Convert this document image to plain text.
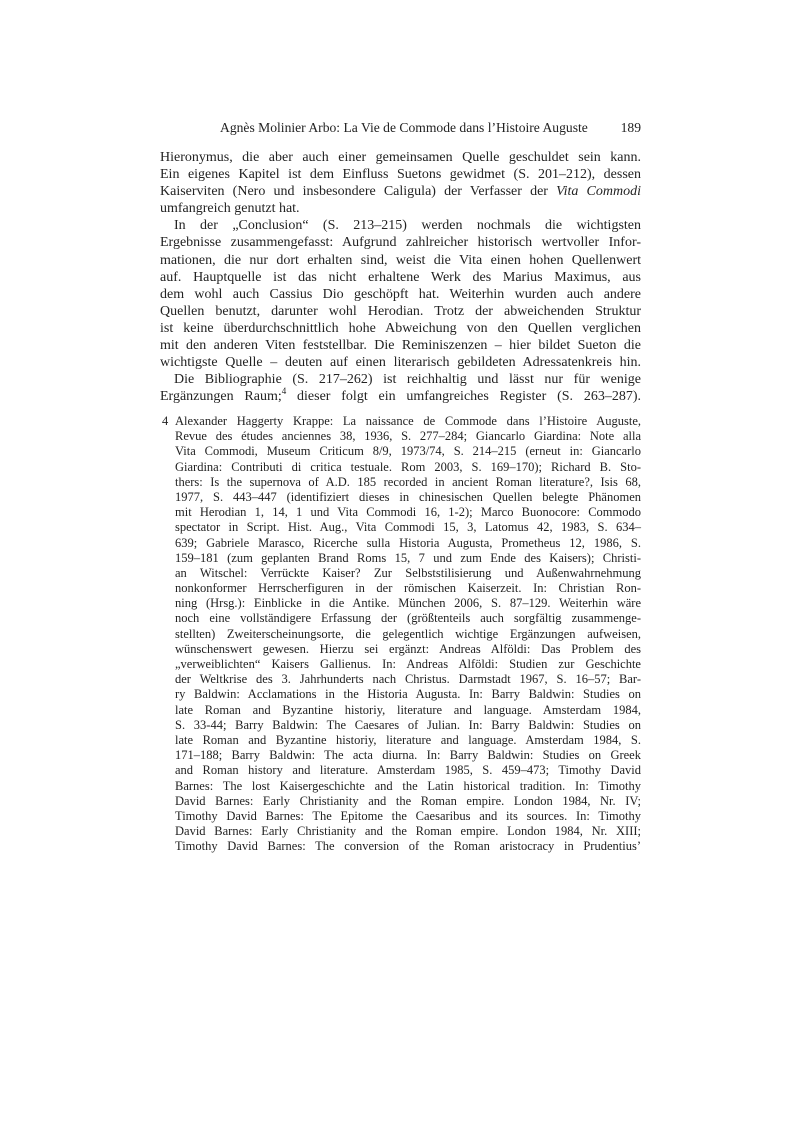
Agnès Molinier Arbo: La Vie de Commode dans l’Histoire Auguste 189
Hieronymus, die aber auch einer gemeinsamen Quelle geschuldet sein kann.
Ein eigenes Kapitel ist dem Einfluss Suetons gewidmet (S. 201–212), dessen
Kaiserviten (Nero und insbesondere Caligula) der Verfasser der Vita Commodi
umfangreich genutzt hat.
In der „Conclusion“ (S. 213–215) werden nochmals die wichtigsten
Ergebnisse zusammengefasst: Aufgrund zahlreicher historisch wertvoller Infor-
mationen, die nur dort erhalten sind, weist die Vita einen hohen Quellenwert
auf. Hauptquelle ist das nicht erhaltene Werk des Marius Maximus, aus
dem wohl auch Cassius Dio geschöpft hat. Weiterhin wurden auch andere
Quellen benutzt, darunter wohl Herodian. Trotz der abweichenden Struktur
ist keine überdurchschnittlich hohe Abweichung von den Quellen verglichen
mit den anderen Viten feststellbar. Die Reminiszenzen – hier bildet Sueton die
wichtigste Quelle – deuten auf einen literarisch gebildeten Adressatenkreis hin.
Die Bibliographie (S. 217–262) ist reichhaltig und lässt nur für wenige
Ergänzungen Raum;$^4$ dieser folgt ein umfangreiches Register (S. 263–287).
4 Alexander Haggerty Krappe: La naissance de Commode dans l’Histoire Auguste,
Revue des études anciennes 38, 1936, S. 277–284; Giancarlo Giardina: Note alla
Vita Commodi, Museum Criticum 8/9, 1973/74, S. 214–215 (erneut in: Giancarlo
Giardina: Contributi di critica testuale. Rom 2003, S. 169–170); Richard B. Sto-
thers: Is the supernova of A.D. 185 recorded in ancient Roman literature?, Isis 68,
1977, S. 443–447 (identifiziert dieses in chinesischen Quellen belegte Phänomen
mit Herodian 1, 14, 1 und Vita Commodi 16, 1-2); Marco Buonocore: Commodo
spectator in Script. Hist. Aug., Vita Commodi 15, 3, Latomus 42, 1983, S. 634–
639; Gabriele Marasco, Ricerche sulla Historia Augusta, Prometheus 12, 1986, S.
159–181 (zum geplanten Brand Roms 15, 7 und zum Ende des Kaisers); Christi-
an Witschel: Verrückte Kaiser? Zur Selbststilisierung und Außenwahrnehmung
nonkonformer Herrscherfiguren in der römischen Kaiserzeit. In: Christian Ron-
ning (Hrsg.): Einblicke in die Antike. München 2006, S. 87–129. Weiterhin wäre
noch eine vollständigere Erfassung der (größtenteils auch sorgfältig zusammenge-
stellten) Zweiterscheinungsorte, die gelegentlich wichtige Ergänzungen aufweisen,
wünschenswert gewesen. Hierzu sei ergänzt: Andreas Alföldi: Das Problem des
„verweiblichten“ Kaisers Gallienus. In: Andreas Alföldi: Studien zur Geschichte
der Weltkrise des 3. Jahrhunderts nach Christus. Darmstadt 1967, S. 16–57; Bar-
ry Baldwin: Acclamations in the Historia Augusta. In: Barry Baldwin: Studies on
late Roman and Byzantine historiy, literature and language. Amsterdam 1984,
S. 33-44; Barry Baldwin: The Caesares of Julian. In: Barry Baldwin: Studies on
late Roman and Byzantine historiy, literature and language. Amsterdam 1984, S.
171–188; Barry Baldwin: The acta diurna. In: Barry Baldwin: Studies on Greek
and Roman history and literature. Amsterdam 1985, S. 459–473; Timothy David
Barnes: The lost Kaisergeschichte and the Latin historical tradition. In: Timothy
David Barnes: Early Christianity and the Roman empire. London 1984, Nr. IV;
Timothy David Barnes: The Epitome the Caesaribus and its sources. In: Timothy
David Barnes: Early Christianity and the Roman empire. London 1984, Nr. XIII;
Timothy David Barnes: The conversion of the Roman aristocracy in Prudentius’
